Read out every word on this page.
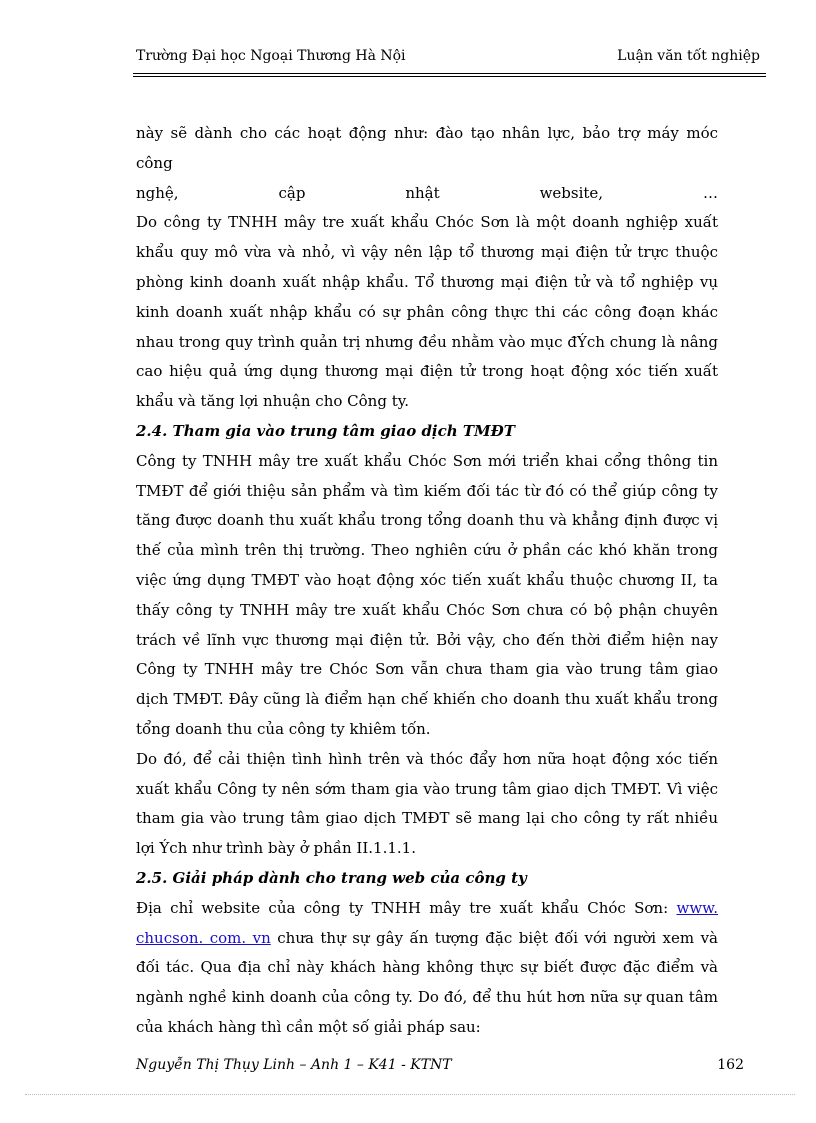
Trường Đại học Ngoại Thương Hà Nội	Luận văn tốt nghiệp

này sẽ dành cho các hoạt động như: đào tạo nhân lực, bảo trợ máy móc công

nghệ, cập nhật website, …

Do công ty TNHH mây tre xuất khẩu Chóc Sơn là một doanh nghiệp xuất khẩu quy mô vừa và nhỏ, vì vậy nên lập tổ thương mại điện tử trực thuộc phòng kinh doanh xuất nhập khẩu. Tổ thương mại điện tử và tổ nghiệp vụ kinh doanh xuất nhập khẩu có sự phân công thực thi các công đoạn khác nhau trong quy trình quản trị nhưng đều nhằm vào mục đÝch chung là nâng cao hiệu quả ứng dụng thương mại điện tử trong hoạt động xóc tiến xuất khẩu và tăng lợi nhuận cho Công ty.

2.4. Tham gia vào trung tâm giao dịch TMĐT

Công ty TNHH mây tre xuất khẩu Chóc Sơn mới triển khai cổng thông tin TMĐT để giới thiệu sản phẩm và tìm kiếm đối tác từ đó có thể giúp công ty tăng được doanh thu xuất khẩu trong tổng doanh thu và khẳng định được vị thế của mình trên thị trường. Theo nghiên cứu ở phần các khó khăn trong việc ứng dụng TMĐT vào hoạt động xóc tiến xuất khẩu thuộc chương II, ta thấy công ty TNHH mây tre xuất khẩu Chóc Sơn chưa có bộ phận chuyên trách về lĩnh vực thương mại điện tử. Bởi vậy, cho đến thời điểm hiện nay Công ty TNHH mây tre Chóc Sơn vẫn chưa tham gia vào trung tâm giao dịch TMĐT. Đây cũng là điểm hạn chế khiến cho doanh thu xuất khẩu trong tổng doanh thu của công ty khiêm tốn.

Do đó, để cải thiện tình hình trên và thóc đẩy hơn nữa hoạt động xóc tiến xuất khẩu Công ty nên sớm tham gia vào trung tâm giao dịch TMĐT. Vì việc tham gia vào trung tâm giao dịch TMĐT sẽ mang lại cho công ty rất nhiều lợi Ých như trình bày ở phần II.1.1.1.

2.5. Giải pháp dành cho trang web của công ty

Địa chỉ website của công ty TNHH mây tre xuất khẩu Chóc Sơn: www. chucson. com. vn chưa thự sự gây ấn tượng đặc biệt đối với người xem và đối tác. Qua địa chỉ này khách hàng không thực sự biết được đặc điểm và ngành nghề kinh doanh của công ty. Do đó, để thu hút hơn nữa sự quan tâm của khách hàng thì cần một số giải pháp sau:

Nguyễn Thị Thụy Linh – Anh 1 – K41 - KTNT	162
